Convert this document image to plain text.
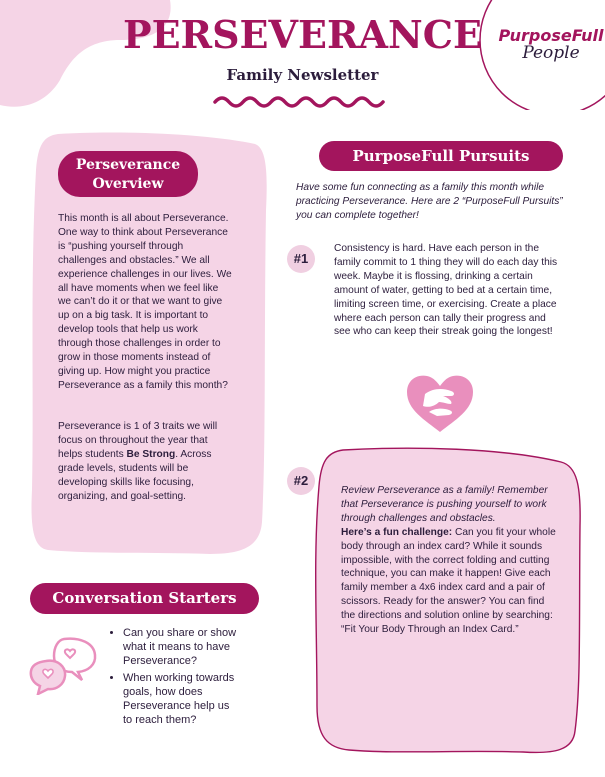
PurposeFull
People
PERSEVERANCE
Family Newsletter
Perseverance
Overview
This month is all about Perseverance. One way to think about Perseverance is “pushing yourself through challenges and obstacles.” We all experience challenges in our lives. We all have moments when we feel like we can’t do it or that we want to give up on a big task. It is important to develop tools that help us work through those challenges in order to grow in those moments instead of giving up. How might you practice Perseverance as a family this month?
Perseverance is 1 of 3 traits we will focus on throughout the year that helps students Be Strong. Across grade levels, students will be developing skills like focusing, organizing, and goal-setting.
Conversation Starters
• Can you share or show what it means to have Perseverance?
• When working towards goals, how does Perseverance help us to reach them?
PurposeFull Pursuits
Have some fun connecting as a family this month while practicing Perseverance. Here are 2 “PurposeFull Pursuits” you can complete together!
#1
Consistency is hard. Have each person in the family commit to 1 thing they will do each day this week. Maybe it is flossing, drinking a certain amount of water, getting to bed at a certain time, limiting screen time, or exercising. Create a place where each person can tally their progress and see who can keep their streak going the longest!
#2
Review Perseverance as a family! Remember that Perseverance is pushing yourself to work through challenges and obstacles.
Here’s a fun challenge: Can you fit your whole body through an index card? While it sounds impossible, with the correct folding and cutting technique, you can make it happen! Give each family member a 4x6 index card and a pair of scissors. Ready for the answer? You can find the directions and solution online by searching: “Fit Your Body Through an Index Card.”
